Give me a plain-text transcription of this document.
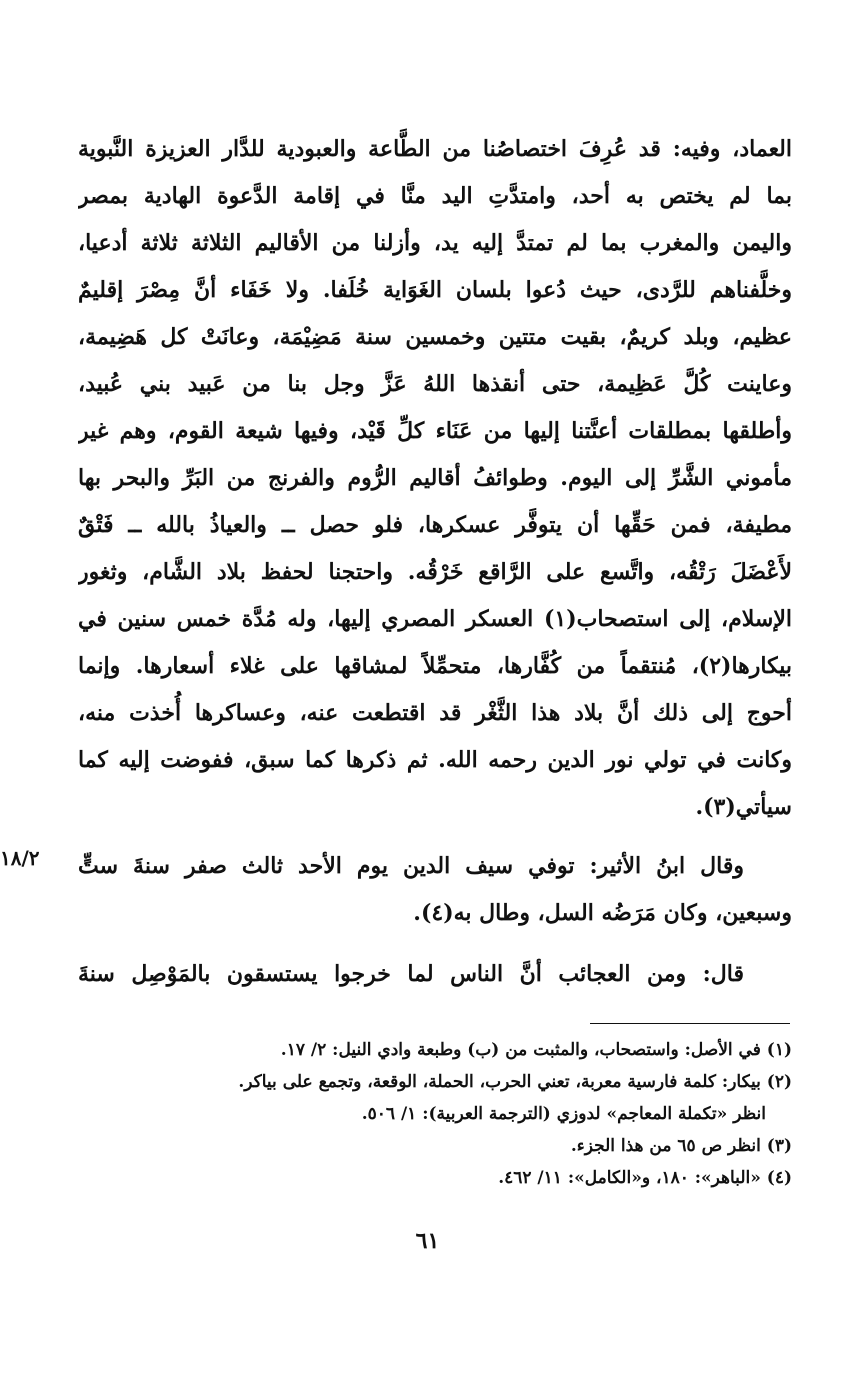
العماد، وفيه: قد عُرِفَ اختصاصُنا من الطَّاعة والعبودية للدَّار العزيزة النَّبوية
بما لم يختص به أحد، وامتدَّتِ اليد منَّا في إقامة الدَّعوة الهادية بمصر
واليمن والمغرب بما لم تمتدَّ إليه يد، وأزلنا من الأقاليم الثلاثة ثلاثة أدعيا،
وخلَّفناهم للرَّدى، حيث دُعوا بلسان الغَوَاية خُلَفا. ولا خَفَاء أنَّ مِصْرَ إقليمٌ
عظيم، وبلد كريمٌ، بقيت متتين وخمسين سنة مَضِيْمَة، وعانَتْ كل هَضِيمة،
وعاينت كُلَّ عَظِيمة، حتى أنقذها اللهُ عَزَّ وجل بنا من عَبيد بني عُبيد،
وأطلقها بمطلقات أعنَّتنا إليها من عَنَاء كلِّ قَيْد، وفيها شيعة القوم، وهم غير
مأموني الشَّرِّ إلى اليوم. وطوائفُ أقاليم الرُّوم والفرنج من البَرِّ والبحر بها
مطيفة، فمن حَقِّها أن يتوفَّر عسكرها، فلو حصل ــ والعياذُ بالله ــ فَتْقٌ
لأَعْضَلَ رَتْقُه، واتَّسع على الرَّاقع خَرْقُه. واحتجنا لحفظ بلاد الشَّام، وثغور
الإسلام، إلى استصحاب(١) العسكر المصري إليها، وله مُدَّة خمس سنين في
بيكارها(٢)، مُنتقماً من كُفَّارها، متحمِّلاً لمشاقها على غلاء أسعارها. وإنما
أحوج إلى ذلك أنَّ بلاد هذا الثَّغْر قد اقتطعت عنه، وعساكرها أُخذت منه،
وكانت في تولي نور الدين رحمه الله. ثم ذكرها كما سبق، ففوضت إليه كما
سيأتي(٣).
١٨/٢	وقال ابنُ الأثير: توفي سيف الدين يوم الأحد ثالث صفر سنةَ ستٍّ
وسبعين، وكان مَرَضُه السل، وطال به(٤).
قال: ومن العجائب أنَّ الناس لما خرجوا يستسقون بالمَوْصِل سنةَ
(١) في الأصل: واستصحاب، والمثبت من (ب) وطبعة وادي النيل: ٢/ ١٧.
(٢) بيكار: كلمة فارسية معربة، تعني الحرب، الحملة، الوقعة، وتجمع على بياكر.
انظر «تكملة المعاجم» لدوزي (الترجمة العربية): ١/ ٥٠٦.
(٣) انظر ص ٦٥ من هذا الجزء.
(٤) «الباهر»: ١٨٠، و«الكامل»: ١١/ ٤٦٢.
٦١
